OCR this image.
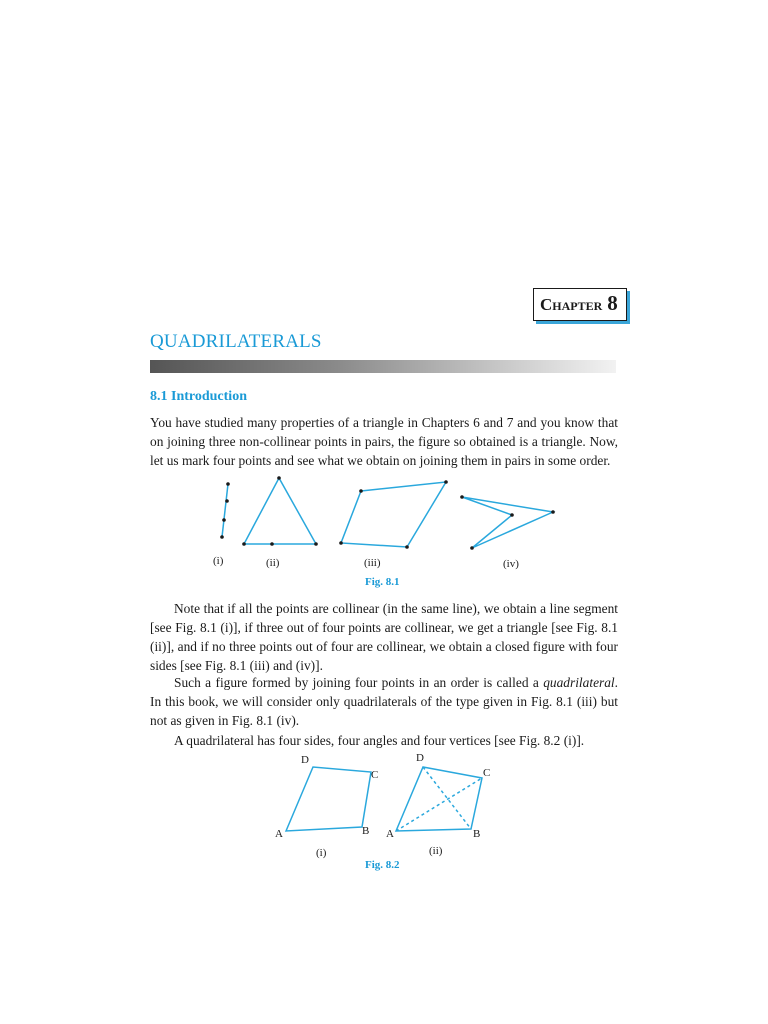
Chapter 8
QUADRILATERALS
8.1 Introduction

You have studied many properties of a triangle in Chapters 6 and 7 and you know that on joining three non-collinear points in pairs, the figure so obtained is a triangle. Now, let us mark four points and see what we obtain on joining them in pairs in some order.

(i)	(ii)	(iii)	(iv)
Fig. 8.1

Note that if all the points are collinear (in the same line), we obtain a line segment [see Fig. 8.1 (i)], if three out of four points are collinear, we get a triangle [see Fig. 8.1 (ii)], and if no three points out of four are collinear, we obtain a closed figure with four sides [see Fig. 8.1 (iii) and (iv)].

Such a figure formed by joining four points in an order is called a quadrilateral. In this book, we will consider only quadrilaterals of the type given in Fig. 8.1 (iii) but not as given in Fig. 8.1 (iv).

A quadrilateral has four sides, four angles and four vertices [see Fig. 8.2 (i)].

D
C
A	B
D
C
A	B
(i)	(ii)
Fig. 8.2
